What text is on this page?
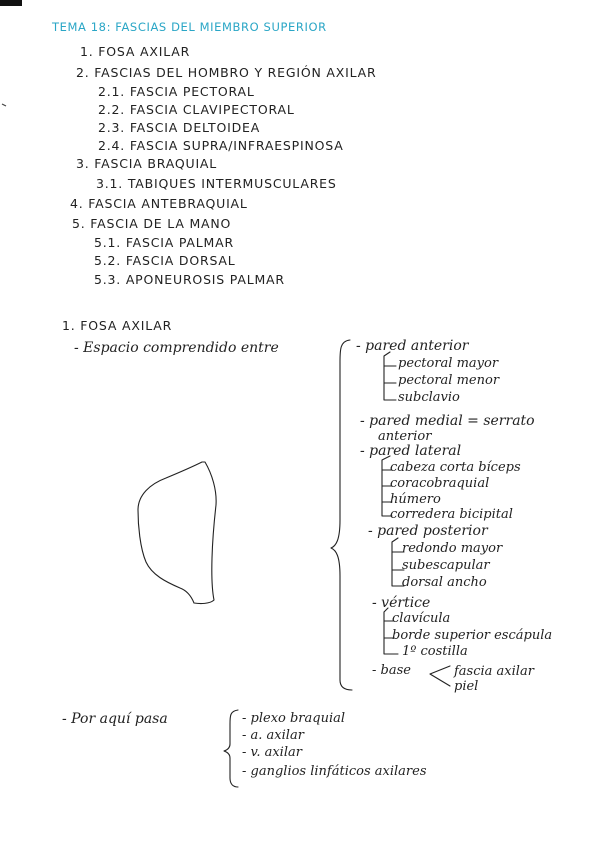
TEMA 18: FASCIAS DEL MIEMBRO SUPERIOR
1. FOSA AXILAR
2. FASCIAS DEL HOMBRO Y REGIÓN AXILAR
2.1. FASCIA PECTORAL
2.2. FASCIA CLAVIPECTORAL
2.3. FASCIA DELTOIDEA
2.4. FASCIA SUPRA/INFRAESPINOSA
3. FASCIA BRAQUIAL
3.1. TABIQUES INTERMUSCULARES
4. FASCIA ANTEBRAQUIAL
5. FASCIA DE LA MANO
5.1. FASCIA PALMAR
5.2. FASCIA DORSAL
5.3. APONEUROSIS PALMAR
1. FOSA AXILAR
- Espacio comprendido entre	- pared anterior
pectoral mayor
pectoral menor
subclavio
- pared medial = serrato
anterior
- pared lateral
cabeza corta bíceps
coracobraquial
húmero
corredera bicipital
- pared posterior
redondo mayor
subescapular
dorsal ancho
- vértice
clavícula
borde superior escápula
1º costilla
- base	fascia axilar
piel
- Por aquí pasa	- plexo braquial
- a. axilar
- v. axilar
- ganglios linfáticos axilares
